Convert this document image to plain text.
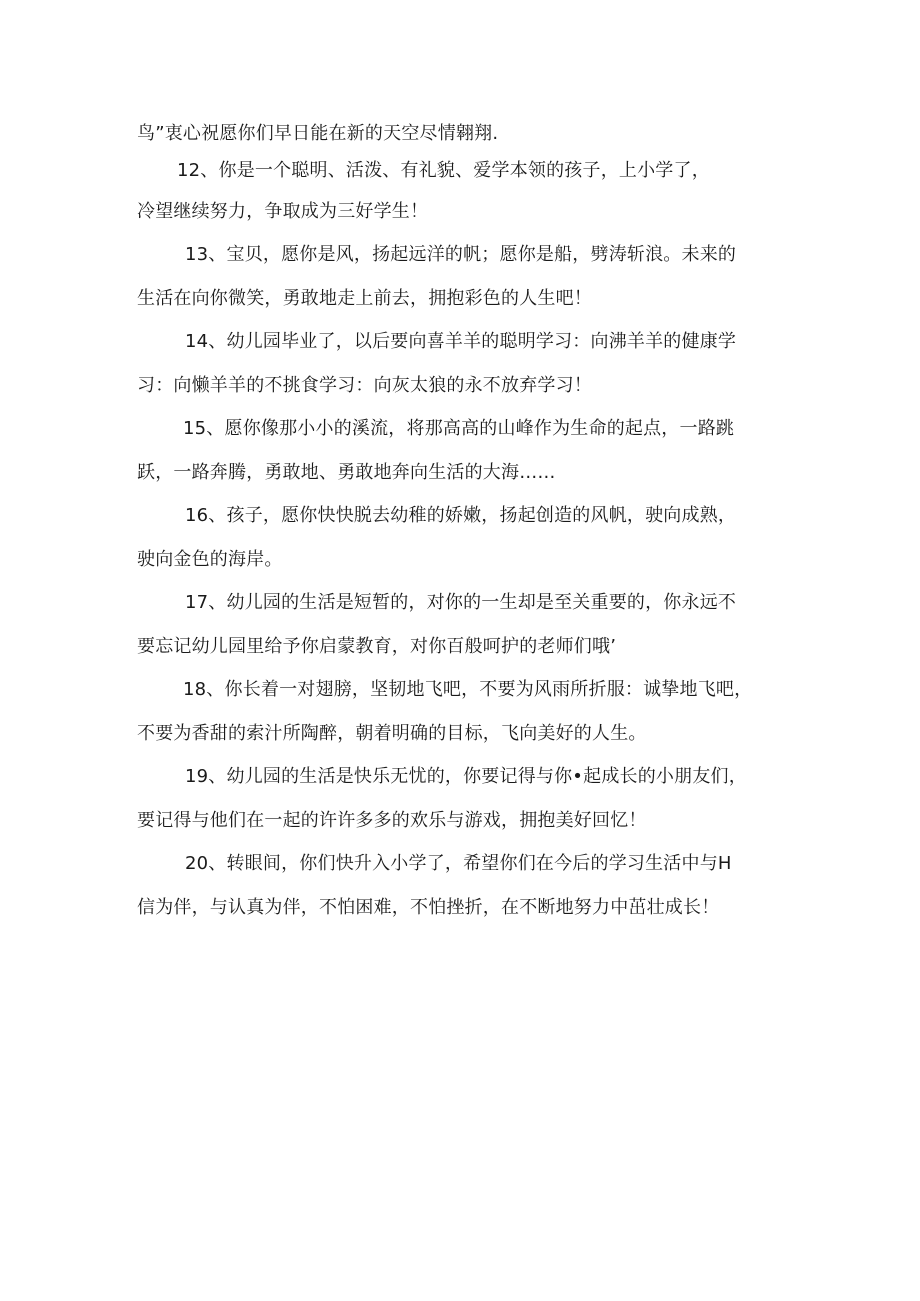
鸟”衷心祝愿你们早日能在新的天空尽情翱翔.
12、你是一个聪明、活泼、有礼貌、爱学本领的孩子，上小学了，
冷望继续努力，争取成为三好学生！
13、宝贝，愿你是风，扬起远洋的帆；愿你是船，劈涛斩浪。未来的
生活在向你微笑，勇敢地走上前去，拥抱彩色的人生吧！
14、幼儿园毕业了，以后要向喜羊羊的聪明学习：向沸羊羊的健康学
习：向懒羊羊的不挑食学习：向灰太狼的永不放弃学习！
15、愿你像那小小的溪流，将那高高的山峰作为生命的起点，一路跳
跃，一路奔腾，勇敢地、勇敢地奔向生活的大海……
16、孩子，愿你快快脱去幼稚的娇嫩，扬起创造的风帆，驶向成熟，
驶向金色的海岸。
17、幼儿园的生活是短暂的，对你的一生却是至关重要的，你永远不
要忘记幼儿园里给予你启蒙教育，对你百般呵护的老师们哦’
18、你长着一对翅膀，坚韧地飞吧，不要为风雨所折服：诚挚地飞吧，
不要为香甜的索汁所陶醉，朝着明确的目标，飞向美好的人生。
19、幼儿园的生活是快乐无忧的，你要记得与你•起成长的小朋友们，
要记得与他们在一起的许许多多的欢乐与游戏，拥抱美好回忆！
20、转眼间，你们快升入小学了，希望你们在今后的学习生活中与H
信为伴，与认真为伴，不怕困难，不怕挫折，在不断地努力中茁壮成长！
